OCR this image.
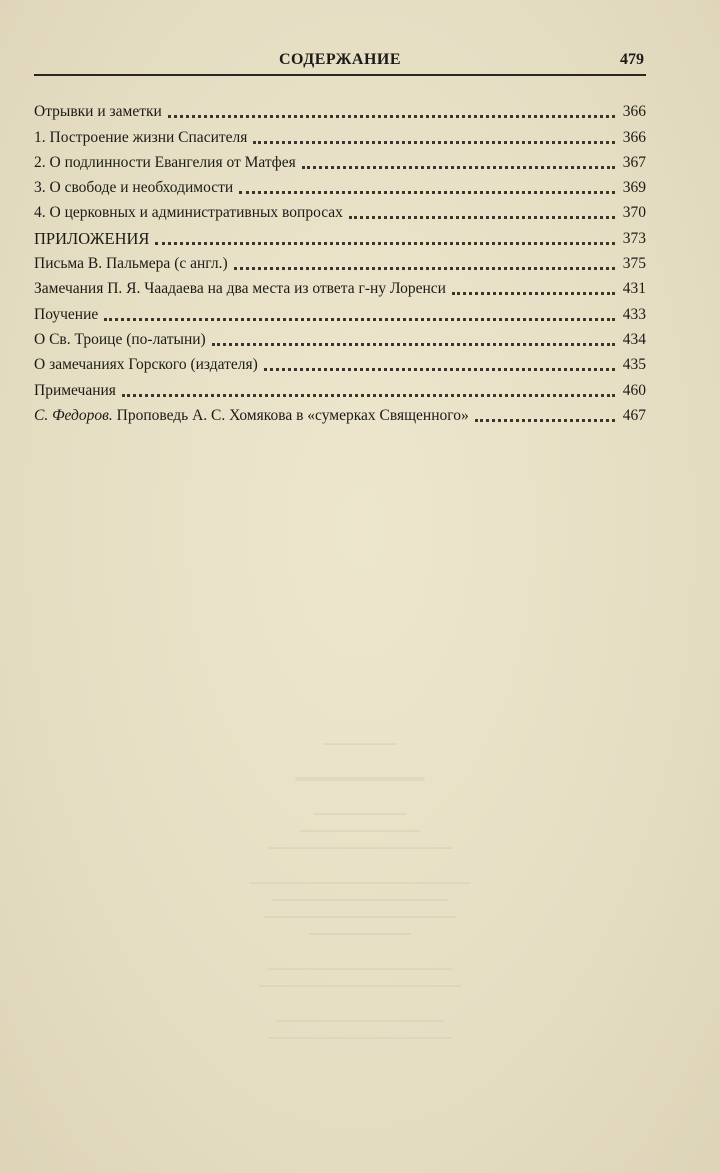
СОДЕРЖАНИЕ	479
Отрывки и заметки	366
1. Построение жизни Спасителя	366
2. О подлинности Евангелия от Матфея	367
3. О свободе и необходимости	369
4. О церковных и административных вопросах	370
ПРИЛОЖЕНИЯ	373
Письма В. Пальмера (с англ.)	375
Замечания П. Я. Чаадаева на два места из ответа г-ну Лоренси	431
Поучение	433
О Св. Троице (по-латыни)	434
О замечаниях Горского (издателя)	435
Примечания	460
С. Федоров. Проповедь А. С. Хомякова в «сумерках Священного»	467

────────

══════════════

──────────
─────────────
────────────────────

────────────────────────
───────────────────
─────────────────────
───────────

────────────────────
──────────────────────

──────────────────
────────────────────
